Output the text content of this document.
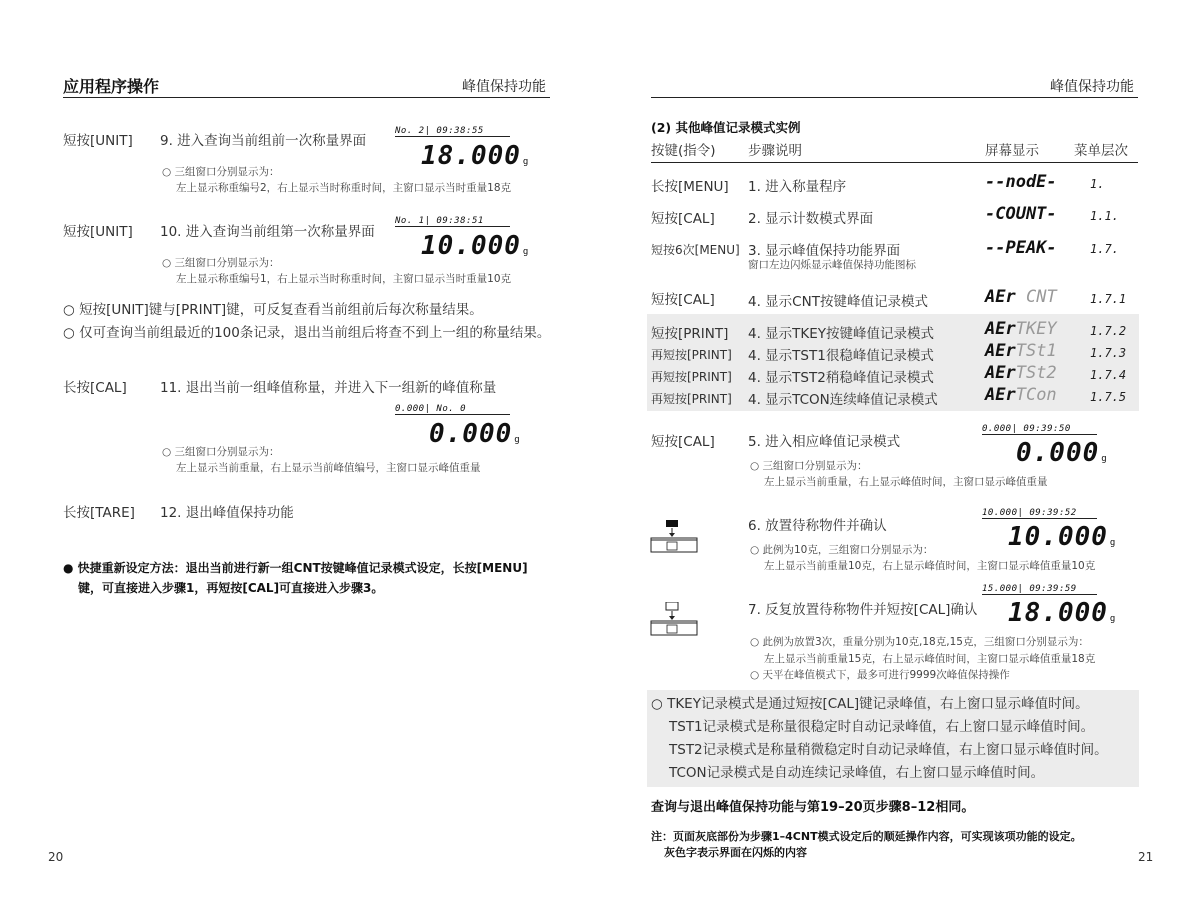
应用程序操作	峰值保持功能
短按[UNIT] 9. 进入查询当前组前一次称量界面
○ 三组窗口分别显示为：
左上显示称重编号2，右上显示当时称重时间，主窗口显示当时重量18克
No. 2| 09:38:55
18.000 g
短按[UNIT] 10. 进入查询当前组第一次称量界面
○ 三组窗口分别显示为：
左上显示称重编号1，右上显示当时称重时间，主窗口显示当时重量10克
No. 1| 09:38:51
10.000 g
○ 短按[UNIT]键与[PRINT]键，可反复查看当前组前后每次称量结果。
○ 仅可查询当前组最近的100条记录，退出当前组后将查不到上一组的称量结果。
长按[CAL] 11. 退出当前一组峰值称量，并进入下一组新的峰值称量
○ 三组窗口分别显示为：
左上显示当前重量，右上显示当前峰值编号，主窗口显示峰值重量
0.000| No. 0
0.000 g
长按[TARE] 12. 退出峰值保持功能
● 快捷重新设定方法：退出当前进行新一组CNT按键峰值记录模式设定，长按[MENU]
键，可直接进入步骤1，再短按[CAL]可直接进入步骤3。
20
峰值保持功能
(2) 其他峰值记录模式实例
按键(指令) 步骤说明	屏幕显示	菜单层次
长按[MENU] 1. 进入称量程序	--nodE-	1.
短按[CAL] 2. 显示计数模式界面	-COUNT-	1.1.
短按6次[MENU] 3. 显示峰值保持功能界面
窗口左边闪烁显示峰值保持功能图标
--PEAK-	1.7.
短按[CAL] 4. 显示CNT按键峰值记录模式	AEr CNT	1.7.1
短按[PRINT] 4. 显示TKEY按键峰值记录模式	AErTKEY	1.7.2
再短按[PRINT] 4. 显示TST1很稳峰值记录模式	AErTSt1	1.7.3
再短按[PRINT] 4. 显示TST2稍稳峰值记录模式	AErTSt2	1.7.4
再短按[PRINT] 4. 显示TCON连续峰值记录模式	AErTCon	1.7.5
短按[CAL] 5. 进入相应峰值记录模式
○ 三组窗口分别显示为：
左上显示当前重量，右上显示峰值时间，主窗口显示峰值重量
0.000| 09:39:50
0.000 g
6. 放置待称物件并确认
○ 此例为10克，三组窗口分别显示为：
左上显示当前重量10克，右上显示峰值时间，主窗口显示峰值重量10克
10.000| 09:39:52
10.000 g
7. 反复放置待称物件并短按[CAL]确认
○ 此例为放置3次，重量分别为10克,18克,15克，三组窗口分别显示为：
左上显示当前重量15克，右上显示峰值时间，主窗口显示峰值重量18克
○ 天平在峰值模式下，最多可进行9999次峰值保持操作
15.000| 09:39:59
18.000 g
○ TKEY记录模式是通过短按[CAL]键记录峰值，右上窗口显示峰值时间。
TST1记录模式是称量很稳定时自动记录峰值，右上窗口显示峰值时间。
TST2记录模式是称量稍微稳定时自动记录峰值，右上窗口显示峰值时间。
TCON记录模式是自动连续记录峰值，右上窗口显示峰值时间。
查询与退出峰值保持功能与第19–20页步骤8–12相同。
注：页面灰底部份为步骤1–4CNT模式设定后的顺延操作内容，可实现该项功能的设定。
灰色字表示界面在闪烁的内容	21
